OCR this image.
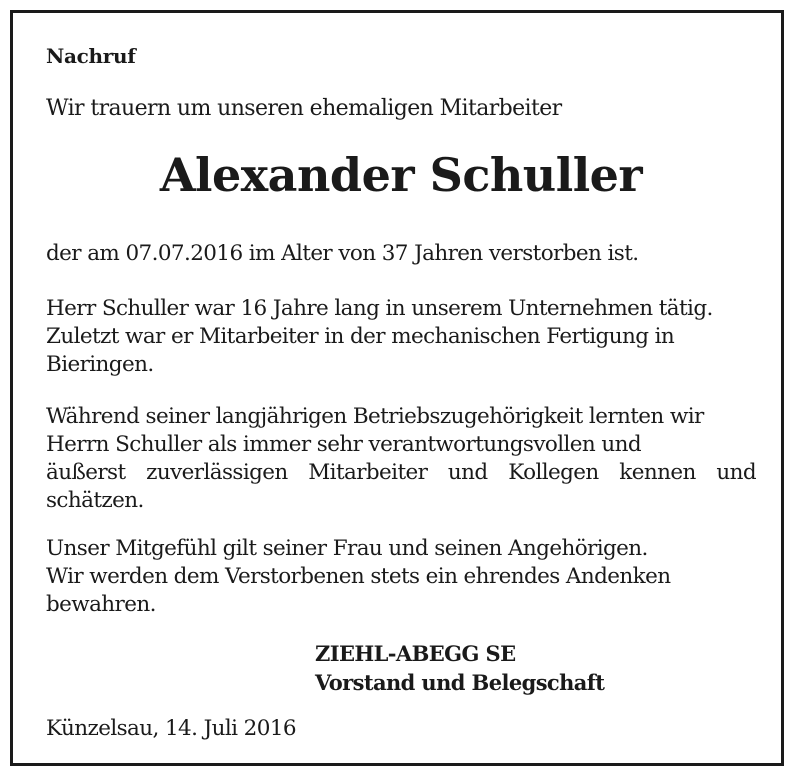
Nachruf
Wir trauern um unseren ehemaligen Mitarbeiter
Alexander Schuller

der am 07.07.2016 im Alter von 37 Jahren verstorben ist.

Herr Schuller war 16 Jahre lang in unserem Unternehmen tätig.

Zuletzt war er Mitarbeiter in der mechanischen Fertigung in

Bieringen.

Während seiner langjährigen Betriebszugehörigkeit lernten wir

Herrn Schuller als immer sehr verantwortungsvollen und

äußerst zuverlässigen Mitarbeiter und Kollegen kennen und

schätzen.

Unser Mitgefühl gilt seiner Frau und seinen Angehörigen.

Wir werden dem Verstorbenen stets ein ehrendes Andenken

bewahren.

ZIEHL-ABEGG SE
Vorstand und Belegschaft
Künzelsau, 14. Juli 2016
